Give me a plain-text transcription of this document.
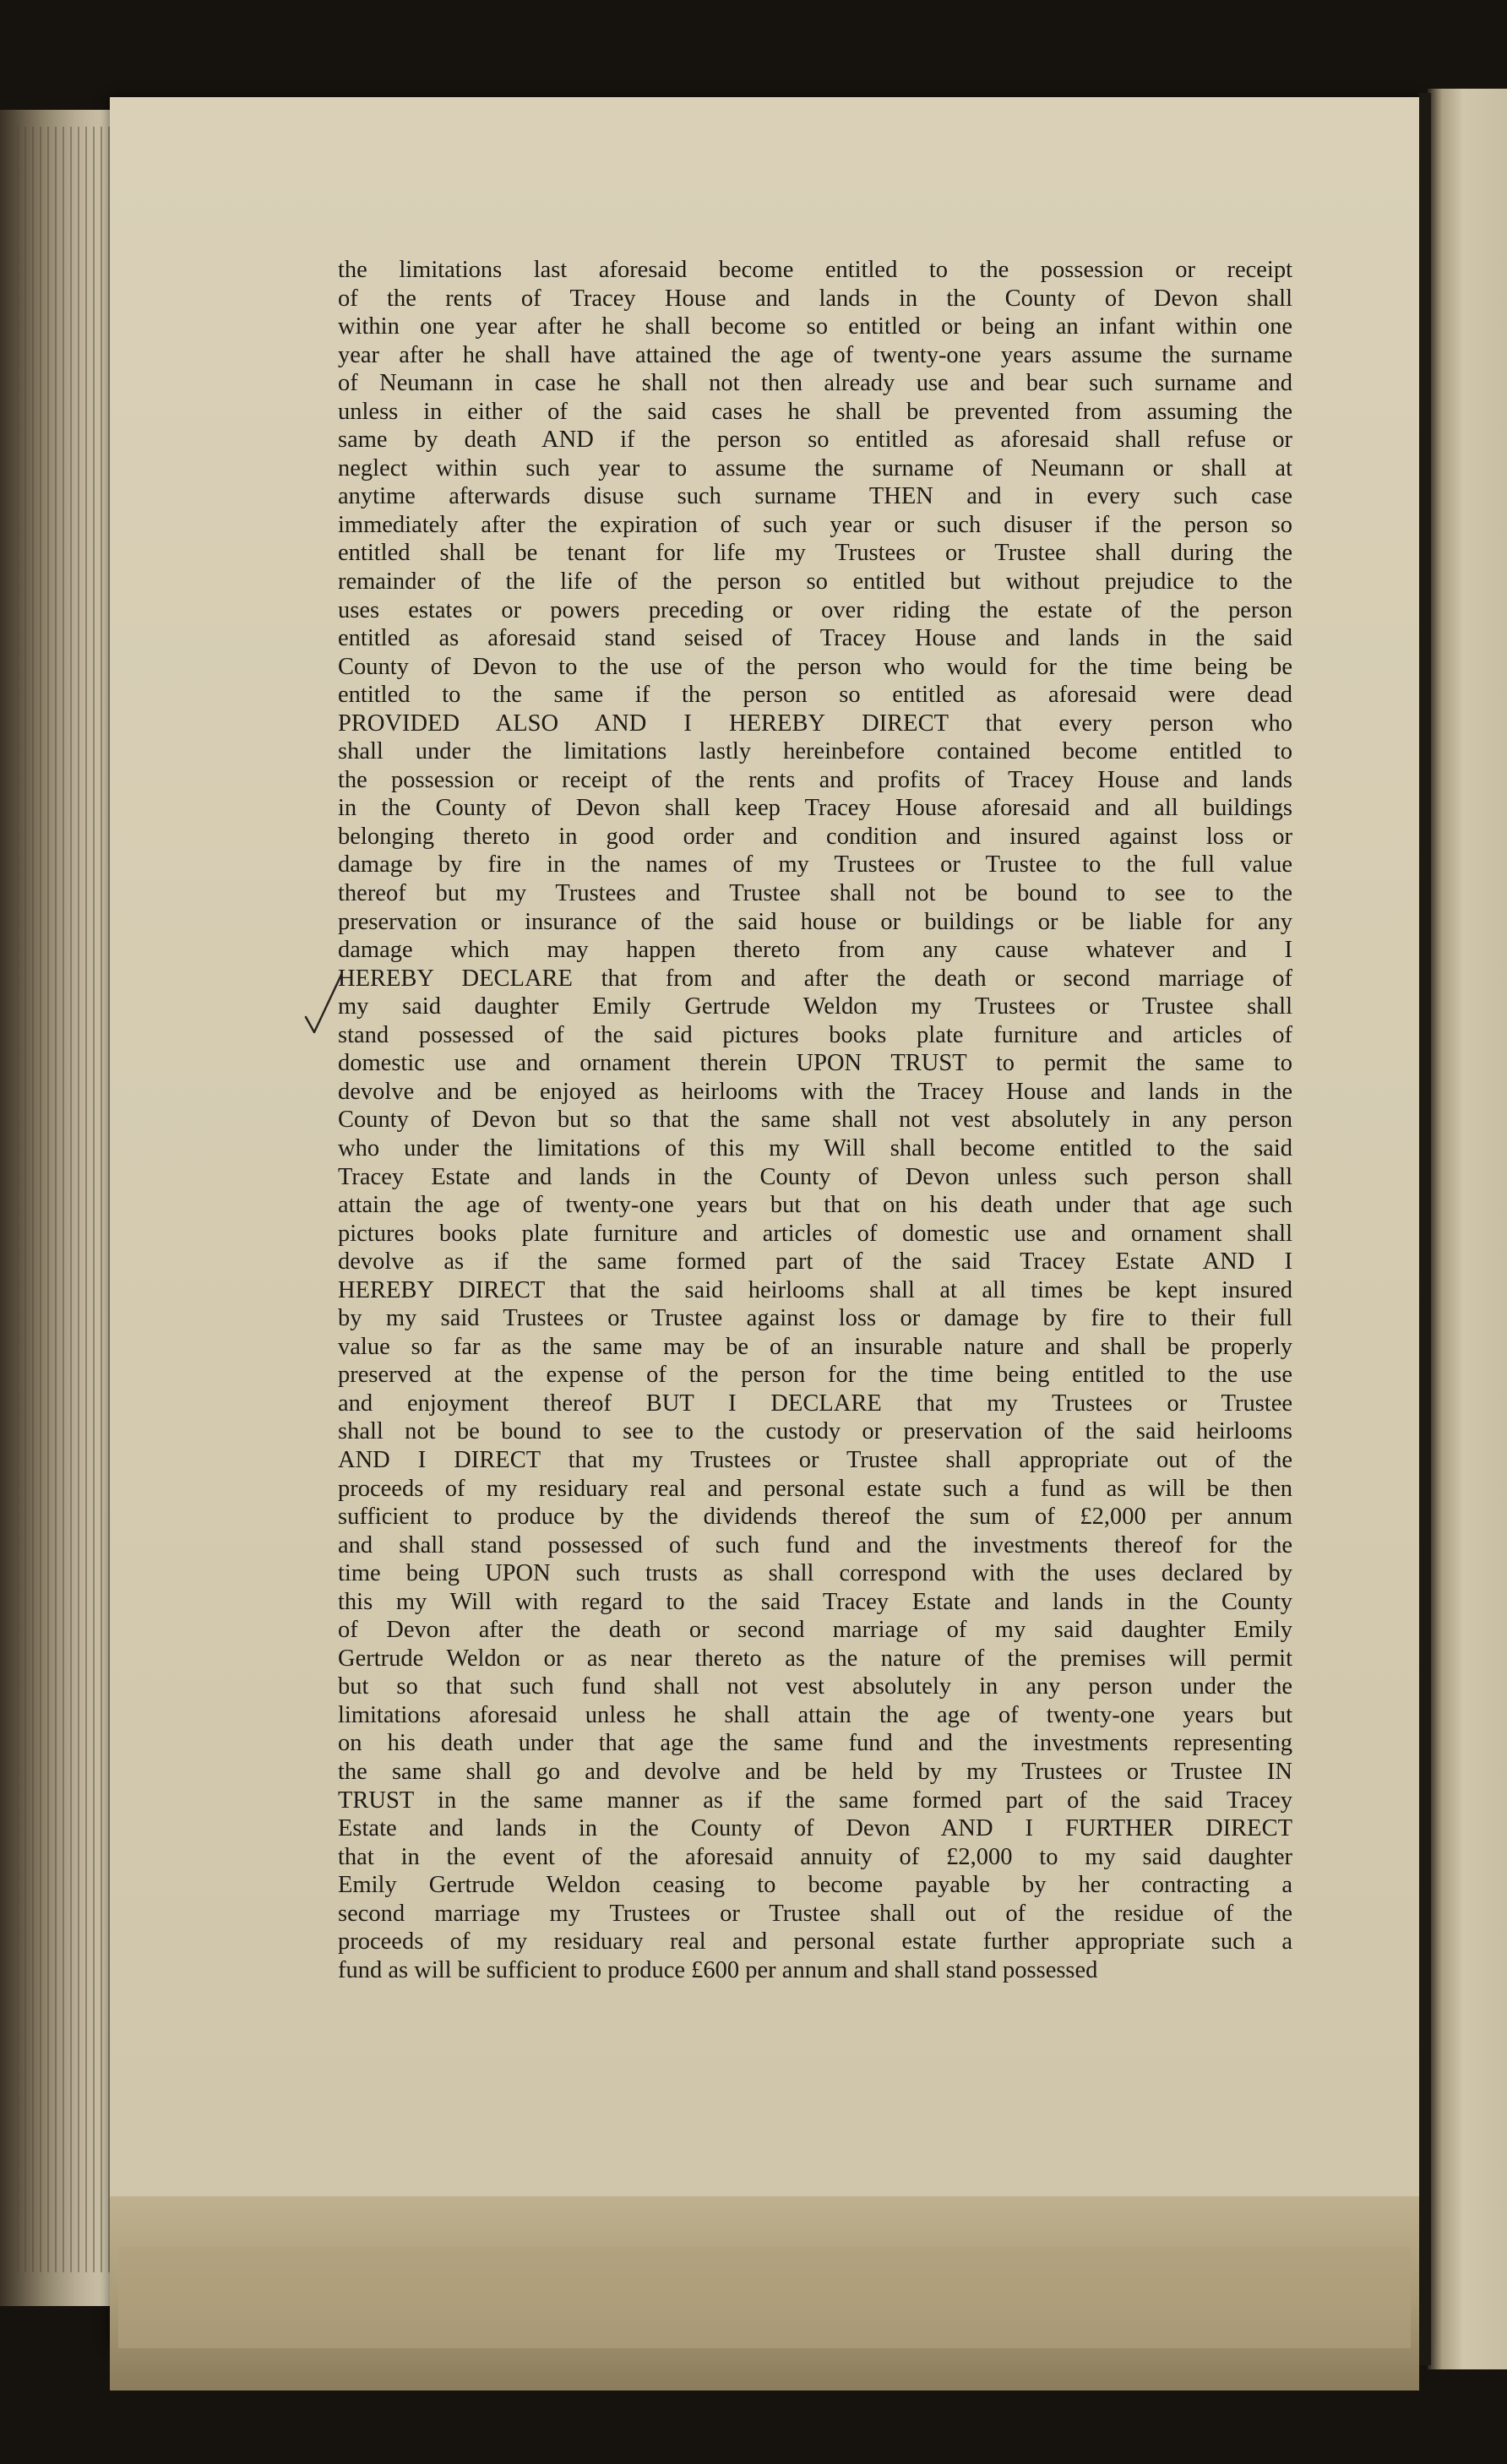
the limitations last aforesaid become entitled to the possession or receipt
of the rents of Tracey House and lands in the County of Devon shall
within one year after he shall become so entitled or being an infant within one
year after he shall have attained the age of twenty-one years assume the surname
of Neumann in case he shall not then already use and bear such surname and
unless in either of the said cases he shall be prevented from assuming the
same by death AND if the person so entitled as aforesaid shall refuse or
neglect within such year to assume the surname of Neumann or shall at
anytime afterwards disuse such surname THEN and in every such case
immediately after the expiration of such year or such disuser if the person so
entitled shall be tenant for life my Trustees or Trustee shall during the
remainder of the life of the person so entitled but without prejudice to the
uses estates or powers preceding or over riding the estate of the person
entitled as aforesaid stand seised of Tracey House and lands in the said
County of Devon to the use of the person who would for the time being be
entitled to the same if the person so entitled as aforesaid were dead
PROVIDED ALSO AND I HEREBY DIRECT that every person who
shall under the limitations lastly hereinbefore contained become entitled to
the possession or receipt of the rents and profits of Tracey House and lands
in the County of Devon shall keep Tracey House aforesaid and all buildings
belonging thereto in good order and condition and insured against loss or
damage by fire in the names of my Trustees or Trustee to the full value
thereof but my Trustees and Trustee shall not be bound to see to the
preservation or insurance of the said house or buildings or be liable for any
damage which may happen thereto from any cause whatever and I
HEREBY DECLARE that from and after the death or second marriage of
my said daughter Emily Gertrude Weldon my Trustees or Trustee shall
stand possessed of the said pictures books plate furniture and articles of
domestic use and ornament therein UPON TRUST to permit the same to
devolve and be enjoyed as heirlooms with the Tracey House and lands in the
County of Devon but so that the same shall not vest absolutely in any person
who under the limitations of this my Will shall become entitled to the said
Tracey Estate and lands in the County of Devon unless such person shall
attain the age of twenty-one years but that on his death under that age such
pictures books plate furniture and articles of domestic use and ornament shall
devolve as if the same formed part of the said Tracey Estate AND I
HEREBY DIRECT that the said heirlooms shall at all times be kept insured
by my said Trustees or Trustee against loss or damage by fire to their full
value so far as the same may be of an insurable nature and shall be properly
preserved at the expense of the person for the time being entitled to the use
and enjoyment thereof BUT I DECLARE that my Trustees or Trustee
shall not be bound to see to the custody or preservation of the said heirlooms
AND I DIRECT that my Trustees or Trustee shall appropriate out of the
proceeds of my residuary real and personal estate such a fund as will be then
sufficient to produce by the dividends thereof the sum of £2,000 per annum
and shall stand possessed of such fund and the investments thereof for the
time being UPON such trusts as shall correspond with the uses declared by
this my Will with regard to the said Tracey Estate and lands in the County
of Devon after the death or second marriage of my said daughter Emily
Gertrude Weldon or as near thereto as the nature of the premises will permit
but so that such fund shall not vest absolutely in any person under the
limitations aforesaid unless he shall attain the age of twenty-one years but
on his death under that age the same fund and the investments representing
the same shall go and devolve and be held by my Trustees or Trustee IN
TRUST in the same manner as if the same formed part of the said Tracey
Estate and lands in the County of Devon AND I FURTHER DIRECT
that in the event of the aforesaid annuity of £2,000 to my said daughter
Emily Gertrude Weldon ceasing to become payable by her contracting a
second marriage my Trustees or Trustee shall out of the residue of the
proceeds of my residuary real and personal estate further appropriate such a
fund as will be sufficient to produce £600 per annum and shall stand possessed
